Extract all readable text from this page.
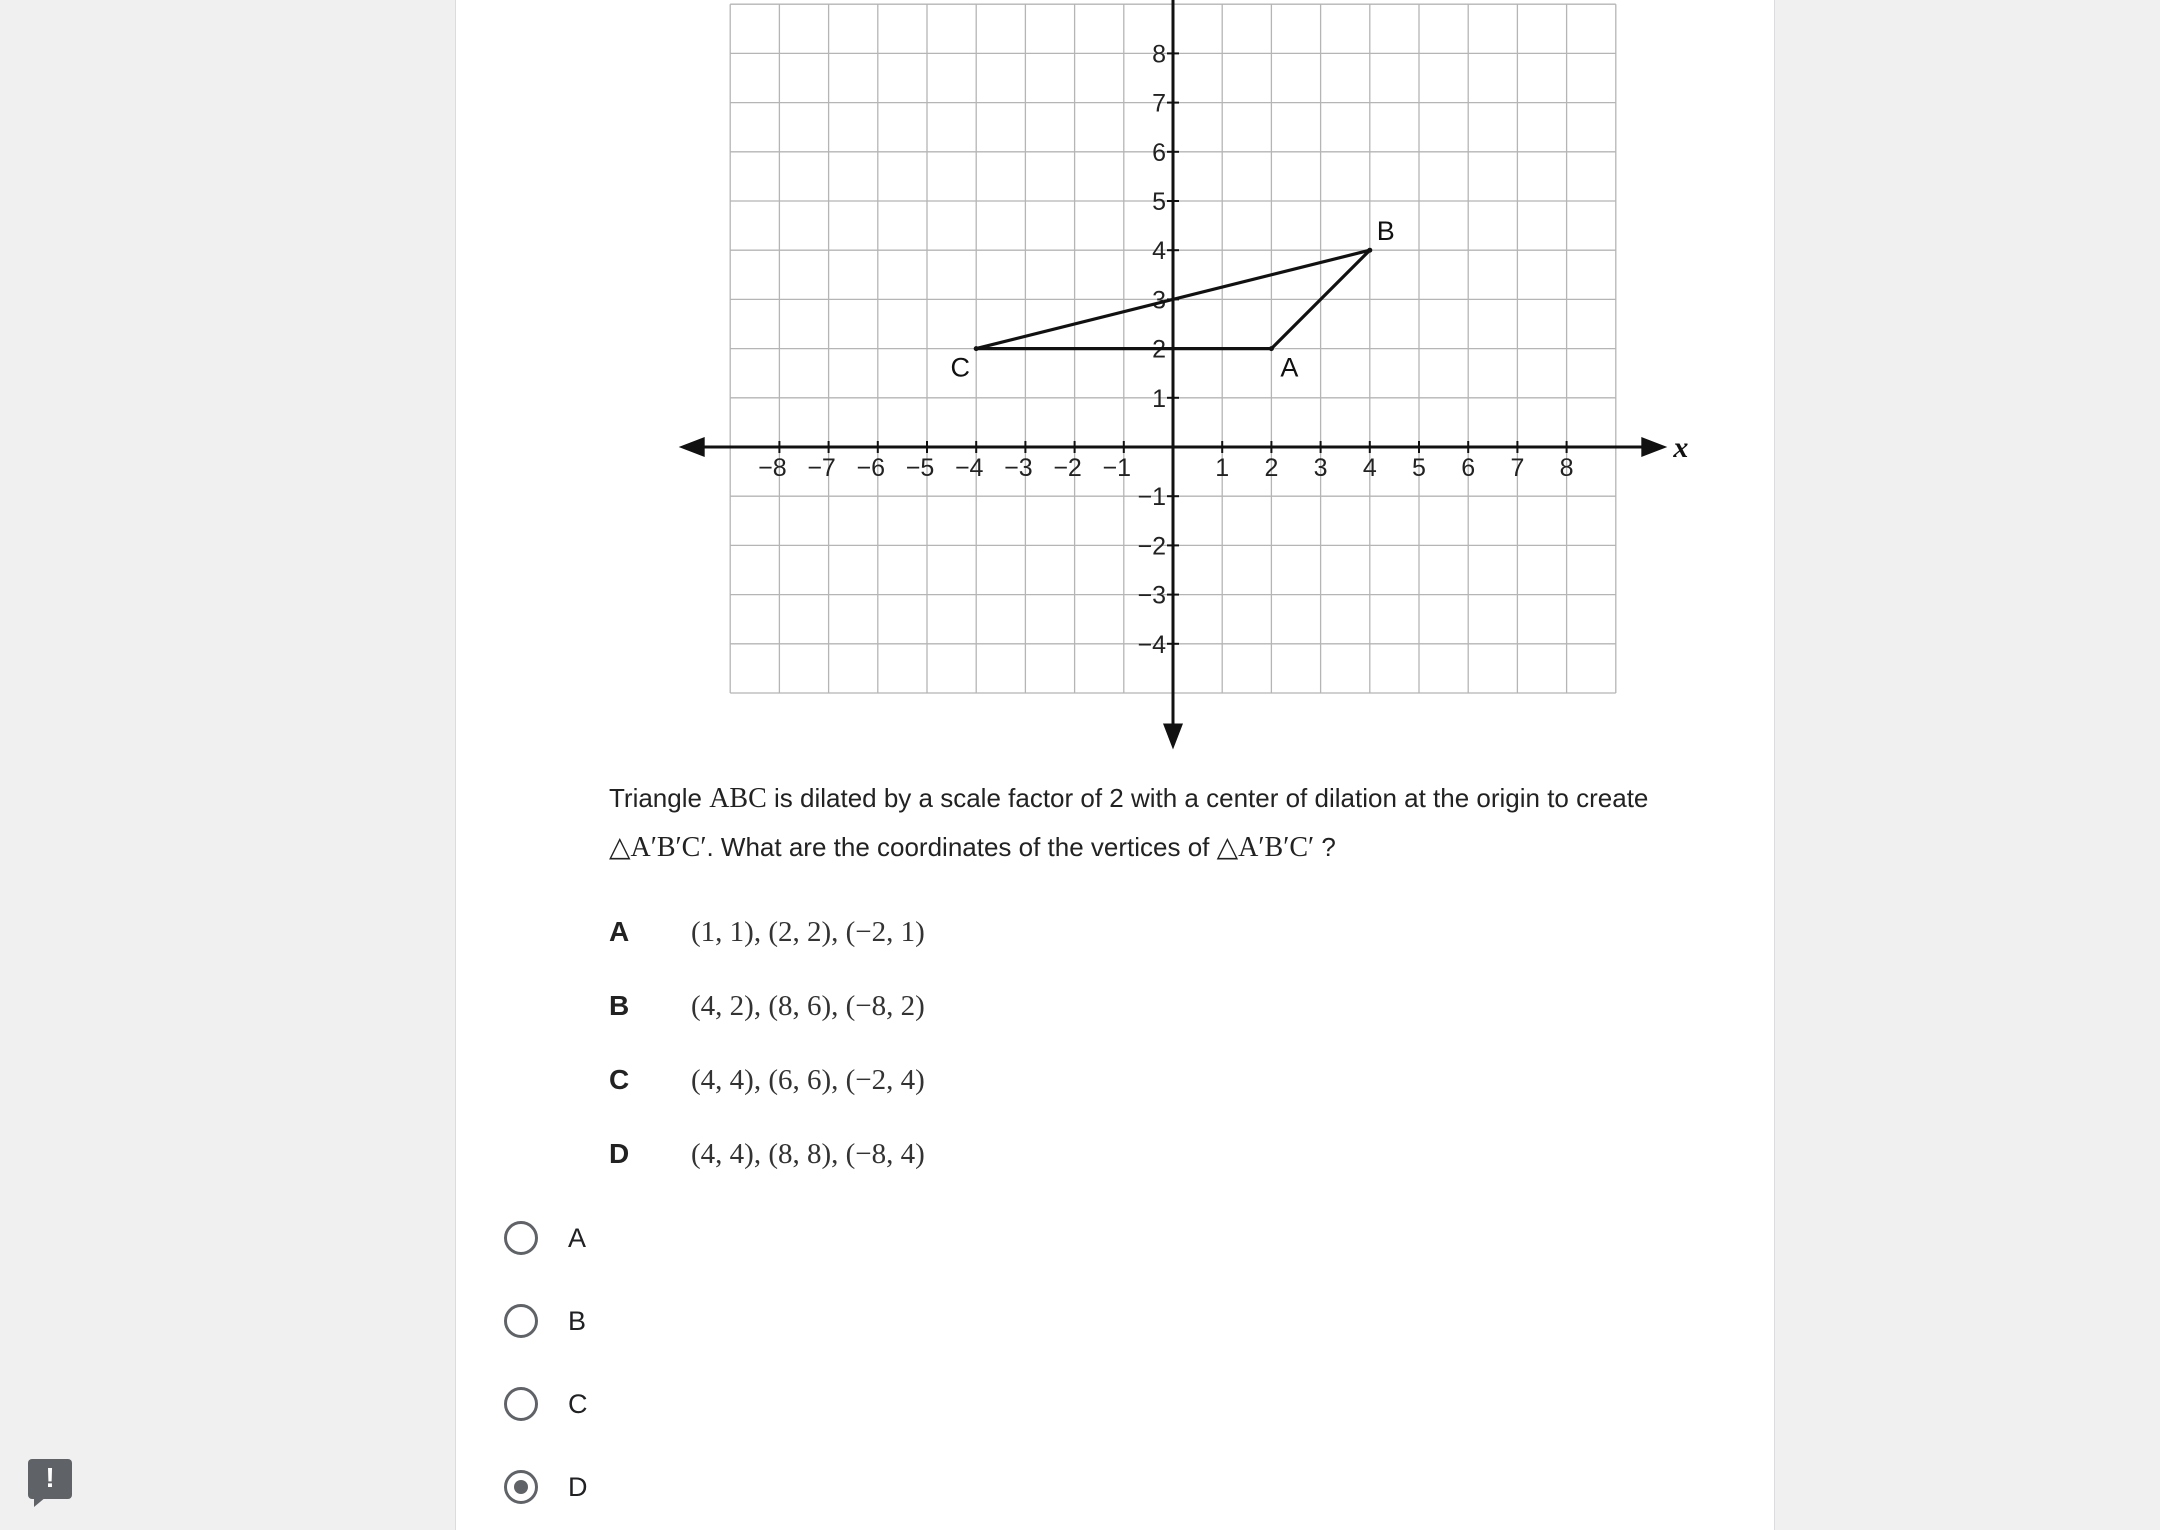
x
−8 −7 −6 −5 −4 −3 −2 −1	1 2 3 4 5 6 7 8
8
7
6
5
4
3
2
1
−1
−2
−3
−4
A
B
C
Triangle ABC is dilated by a scale factor of 2 with a center of dilation at the origin to create △A′B′C′. What are the coordinates of the vertices of △A′B′C′ ?
A	(1, 1), (2, 2), (−2, 1)
B	(4, 2), (8, 6), (−8, 2)
C	(4, 4), (6, 6), (−2, 4)
D	(4, 4), (8, 8), (−8, 4)
A
B
C
D
!
